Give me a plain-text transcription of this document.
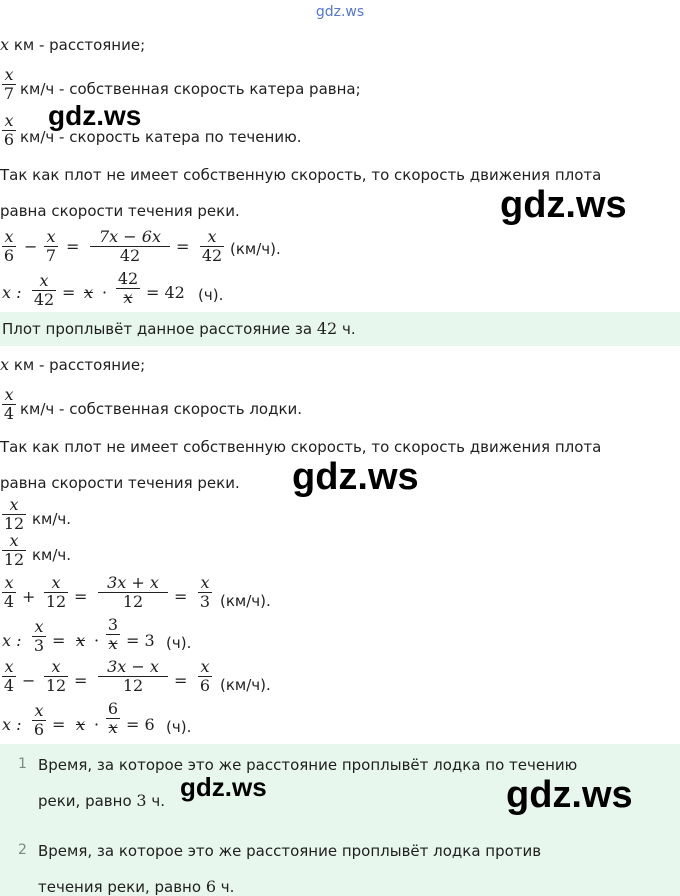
gdz.ws
x км - расстояние;
x
7 км/ч - собственная скорость катера равна;
x
6 км/ч - скорость катера по течению.
Так как плот не имеет собственную скорость, то скорость движения плота
равна скорости течения реки.
x
6 −
x
7 =
7x − 6x
42	=
x
42 (км/ч).
x :
x
42 = x ·
42
x = 42 (ч).
Плот проплывёт данное расстояние за 42 ч.
x км - расстояние;
x
4 км/ч - собственная скорость лодки.
Так как плот не имеет собственную скорость, то скорость движения плота
равна скорости течения реки.
x
12 км/ч.
x
12 км/ч.
x
4 +
x
12 =
3x + x
12	=
x
3 (км/ч).
x :
x
3 = x ·
3
x = 3 (ч).
x
4 −
x
12 =
3x − x
12	=
x
6 (км/ч).
x :
x
6 = x ·
6
x = 6 (ч).
1 Время, за которое это же расстояние проплывёт лодка по течению
реки, равно 3 ч.
2 Время, за которое это же расстояние проплывёт лодка против
течения реки, равно 6 ч.
gdz.ws
gdz.ws
gdz.ws
gdz.ws	gdz.ws
